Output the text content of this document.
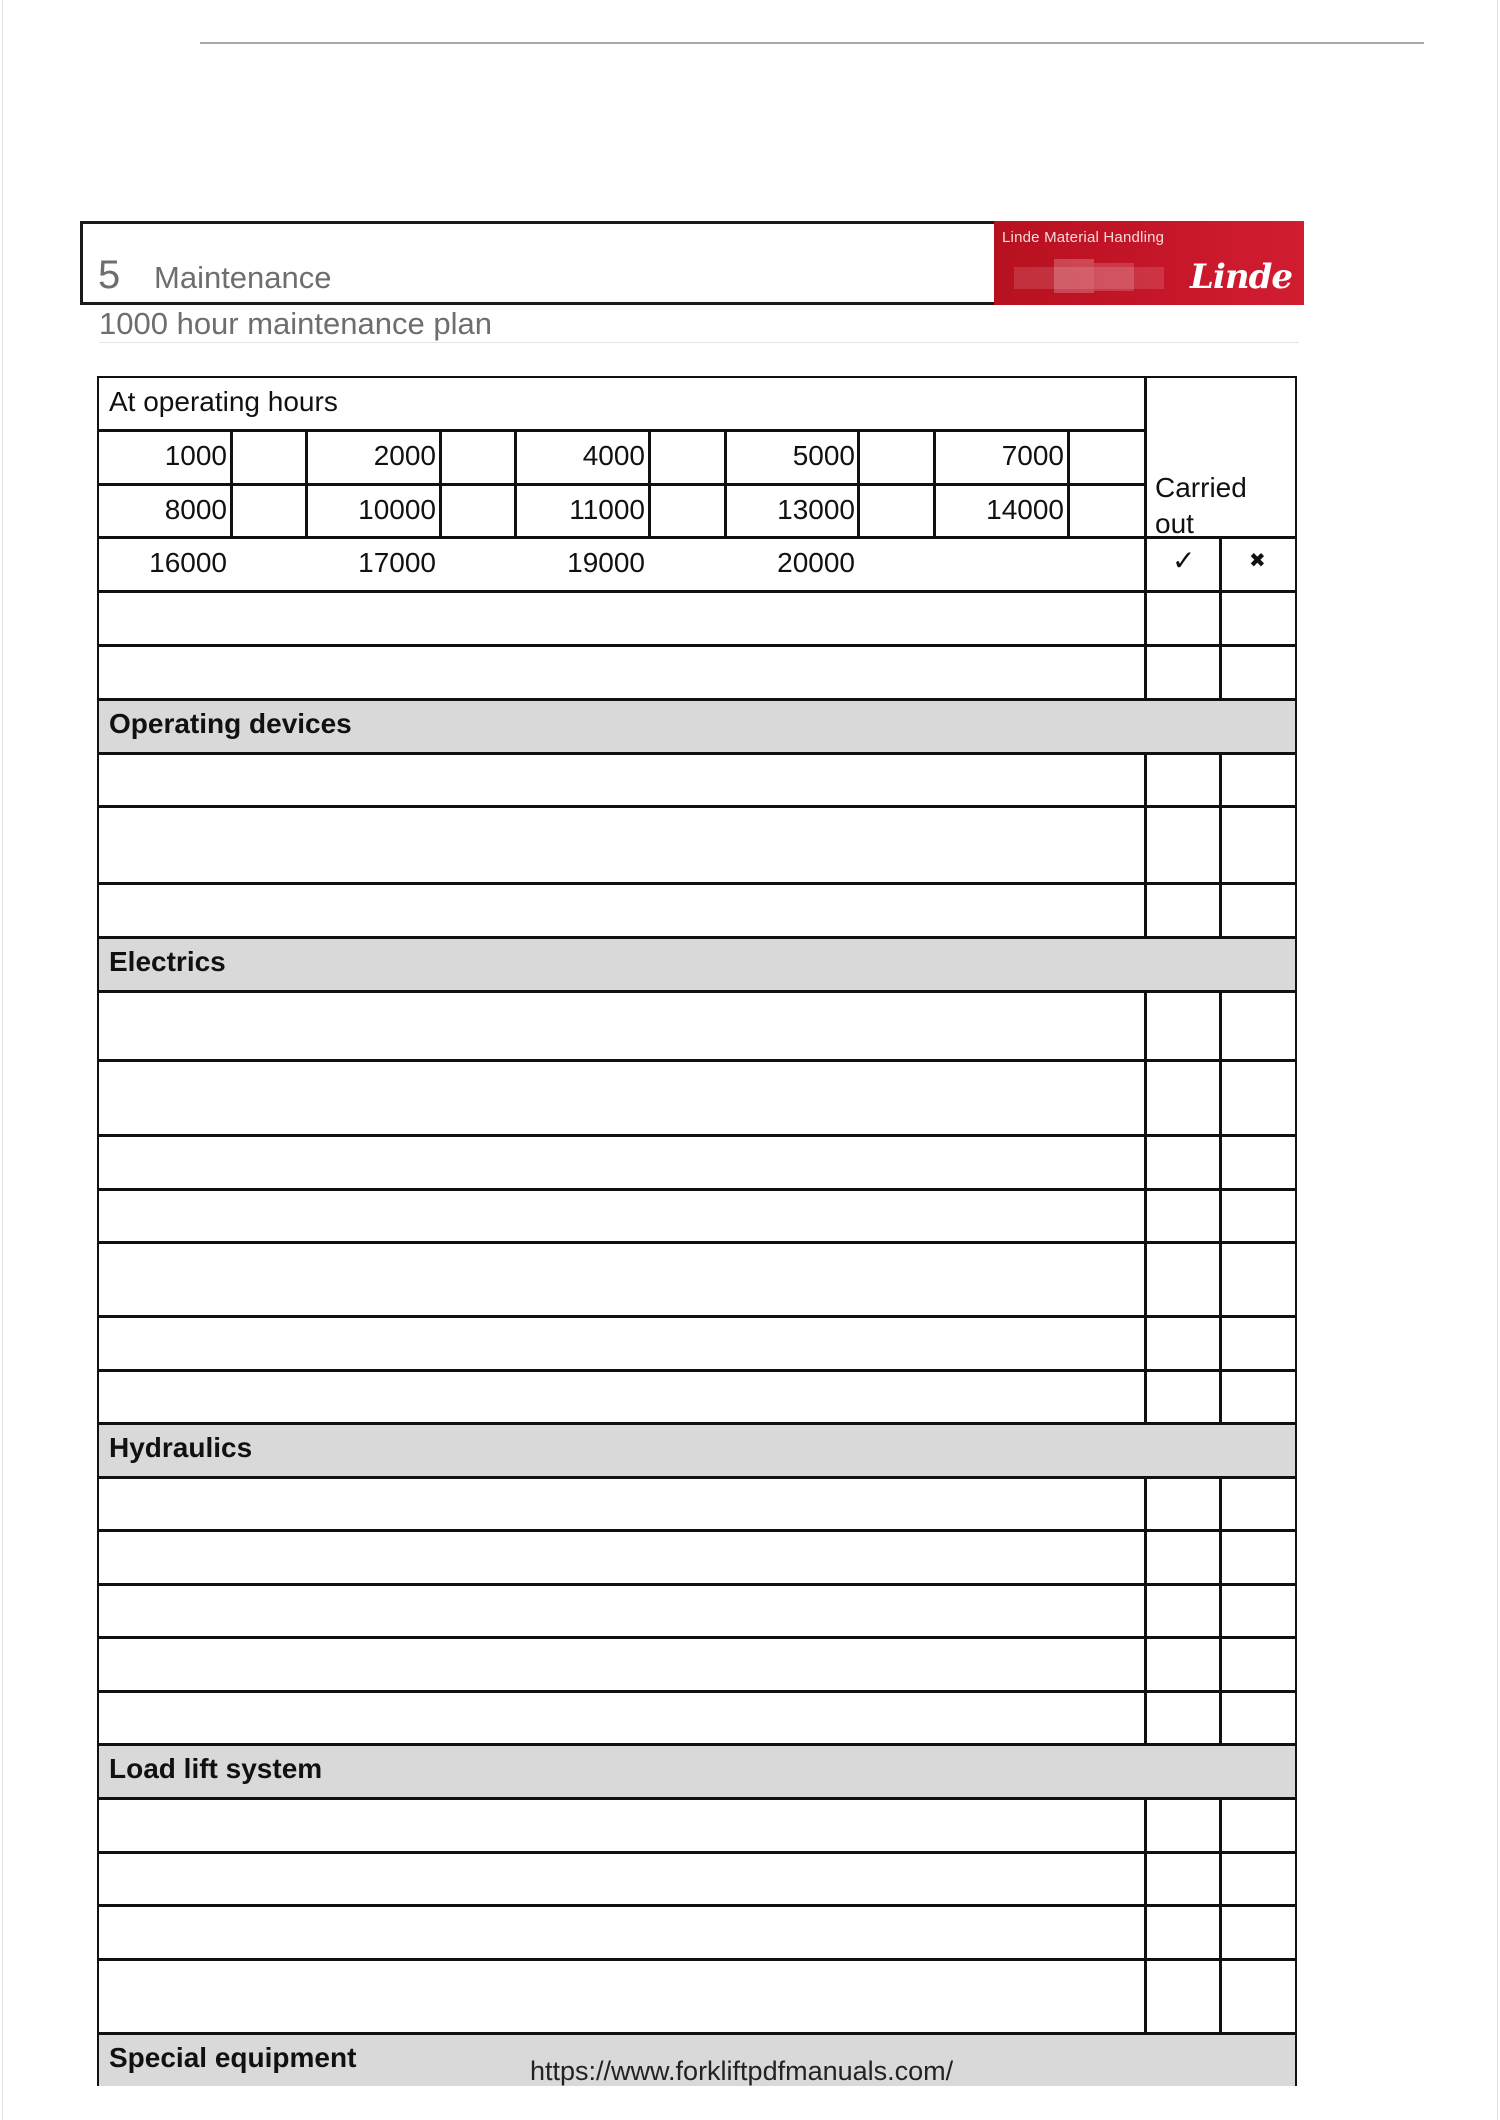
5 Maintenance
Linde Material Handling
Linde
1000 hour maintenance plan
At operating hours
Carried out
✓	✖
1000	2000	4000	5000	7000
8000	10000	11000	13000	14000
16000	17000	19000	20000
Operating devices
Electrics
Hydraulics
Load lift system
Special equipment	https://www.forkliftpdfmanuals.com/
